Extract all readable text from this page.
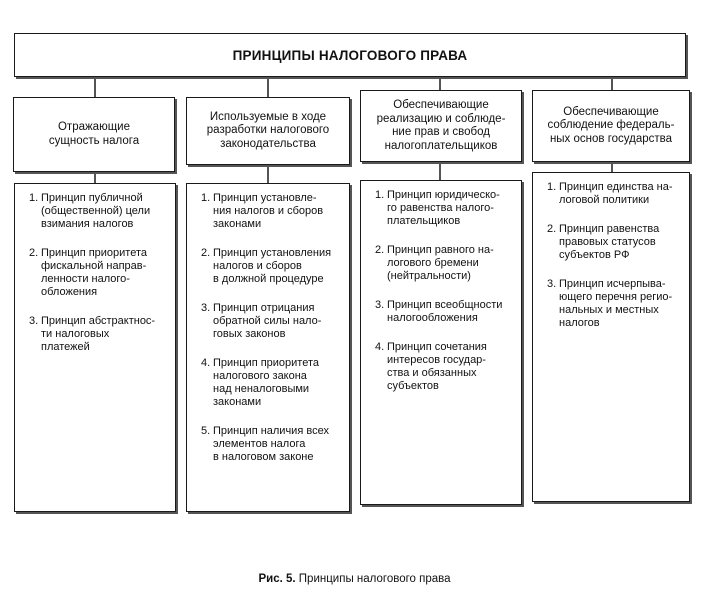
ПРИНЦИПЫ НАЛОГОВОГО ПРАВА
Отражающие
сущность налога
Используемые в ходе
разработки налогового
законодательства
Обеспечивающие
реализацию и соблюде-
ние прав и свобод
налогоплательщиков
Обеспечивающие
соблюдение федераль-
ных основ государства
1. Принцип публичной
(общественной) цели
взимания налогов
2. Принцип приоритета
фискальной направ-
ленности налого-
обложения
3. Принцип абстрактнос-
ти налоговых
платежей
1. Принцип установле-
ния налогов и сборов
законами
2. Принцип установления
налогов и сборов
в должной процедуре
3. Принцип отрицания
обратной силы нало-
говых законов
4. Принцип приоритета
налогового закона
над неналоговыми
законами
5. Принцип наличия всех
элементов налога
в налоговом законе
1. Принцип юридическо-
го равенства налого-
плательщиков
2. Принцип равного на-
логового бремени
(нейтральности)
3. Принцип всеобщности
налогообложения
4. Принцип сочетания
интересов государ-
ства и обязанных
субъектов
1. Принцип единства на-
логовой политики
2. Принцип равенства
правовых статусов
субъектов РФ
3. Принцип исчерпыва-
ющего перечня регио-
нальных и местных
налогов
Рис. 5. Принципы налогового права
